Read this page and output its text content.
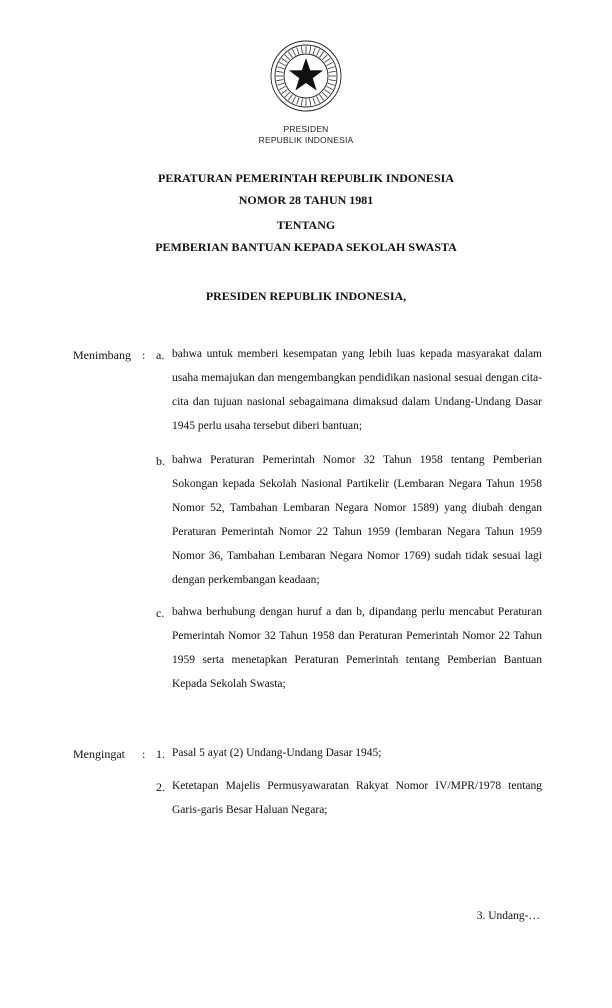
PRESIDEN
REPUBLIK INDONESIA
PERATURAN PEMERINTAH REPUBLIK INDONESIA
NOMOR 28 TAHUN 1981
TENTANG
PEMBERIAN BANTUAN KEPADA SEKOLAH SWASTA
PRESIDEN REPUBLIK INDONESIA,
Menimbang : a. bahwa untuk memberi kesempatan yang lebih luas kepada masyarakat dalam usaha memajukan dan mengembangkan pendidikan nasional sesuai dengan cita-cita dan tujuan nasional sebagaimana dimaksud dalam Undang-Undang Dasar 1945 perlu usaha tersebut diberi bantuan;
b. bahwa Peraturan Pemerintah Nomor 32 Tahun 1958 tentang Pemberian Sokongan kepada Sekolah Nasional Partikelir (Lembaran Negara Tahun 1958 Nomor 52, Tambahan Lembaran Negara Nomor 1589) yang diubah dengan Peraturan Pemerintah Nomor 22 Tahun 1959 (lembaran Negara Tahun 1959 Nomor 36, Tambahan Lembaran Negara Nomor 1769) sudah tidak sesuai lagi dengan perkembangan keadaan;
c. bahwa berhubung dengan huruf a dan b, dipandang perlu mencabut Peraturan Pemerintah Nomor 32 Tahun 1958 dan Peraturan Pemerintah Nomor 22 Tahun 1959 serta menetapkan Peraturan Pemerintah tentang Pemberian Bantuan Kepada Sekolah Swasta;
Mengingat : 1. Pasal 5 ayat (2) Undang-Undang Dasar 1945;
2. Ketetapan Majelis Permusyawaratan Rakyat Nomor IV/MPR/1978 tentang Garis-garis Besar Haluan Negara;
3. Undang-…
